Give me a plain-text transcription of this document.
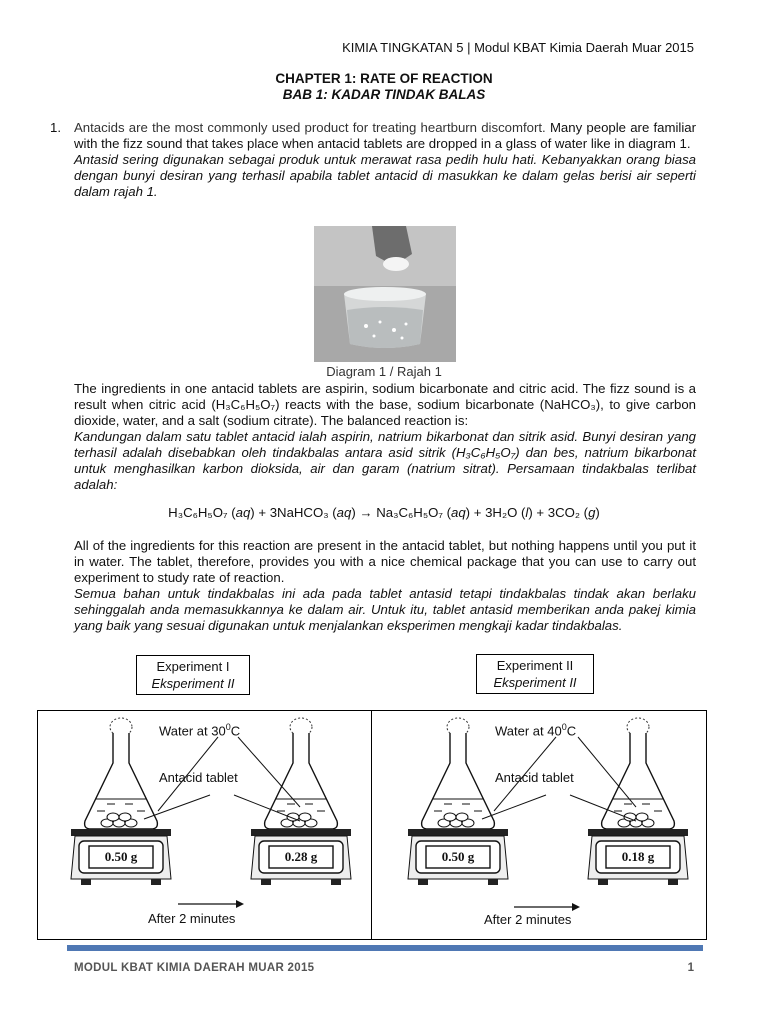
KIMIA TINGKATAN 5 | Modul KBAT Kimia Daerah Muar 2015
CHAPTER 1: RATE OF REACTION
BAB 1: KADAR TINDAK BALAS
1. Antacids are the most commonly used product for treating heartburn discomfort. Many people are familiar with the fizz sound that takes place when antacid tablets are dropped in a glass of water like in diagram 1.
Antasid sering digunakan sebagai produk untuk merawat rasa pedih hulu hati. Kebanyakkan orang biasa dengan bunyi desiran yang terhasil apabila tablet antacid di masukkan ke dalam gelas berisi air seperti dalam rajah 1.
Diagram 1 / Rajah 1
The ingredients in one antacid tablets are aspirin, sodium bicarbonate and citric acid. The fizz sound is a result when citric acid (H₃C₆H₅O₇) reacts with the base, sodium bicarbonate (NaHCO₃), to give carbon dioxide, water, and a salt (sodium citrate). The balanced reaction is:
Kandungan dalam satu tablet antacid ialah aspirin, natrium bikarbonat dan sitrik asid. Bunyi desiran yang terhasil adalah disebabkan oleh tindakbalas antara asid sitrik (H₃C₆H₅O₇) dan bes, natrium bikarbonat untuk menghasilkan karbon dioksida, air dan garam (natrium sitrat). Persamaan tindakbalas terlibat adalah:
H₃C₆H₅O₇ (aq) + 3NaHCO₃ (aq) → Na₃C₆H₅O₇ (aq) + 3H₂O (l) + 3CO₂ (g)
All of the ingredients for this reaction are present in the antacid tablet, but nothing happens until you put it in water. The tablet, therefore, provides you with a nice chemical package that you can use to carry out experiment to study rate of reaction.
Semua bahan untuk tindakbalas ini ada pada tablet antasid tetapi tindakbalas tindak akan berlaku sehinggalah anda memasukkannya ke dalam air. Untuk itu, tablet antasid memberikan anda pakej kimia yang baik yang sesuai digunakan untuk menjalankan eksperimen mengkaji kadar tindakbalas.
Experiment I
Eksperiment II
Experiment II
Eksperiment II
Water at $30^0C$
Antacid tablet
0.50 g	0.28 g
After 2 minutes
Water at $40^0C$
Antacid tablet
0.50 g	0.18 g
After 2 minutes
MODUL KBAT KIMIA DAERAH MUAR 2015	1
